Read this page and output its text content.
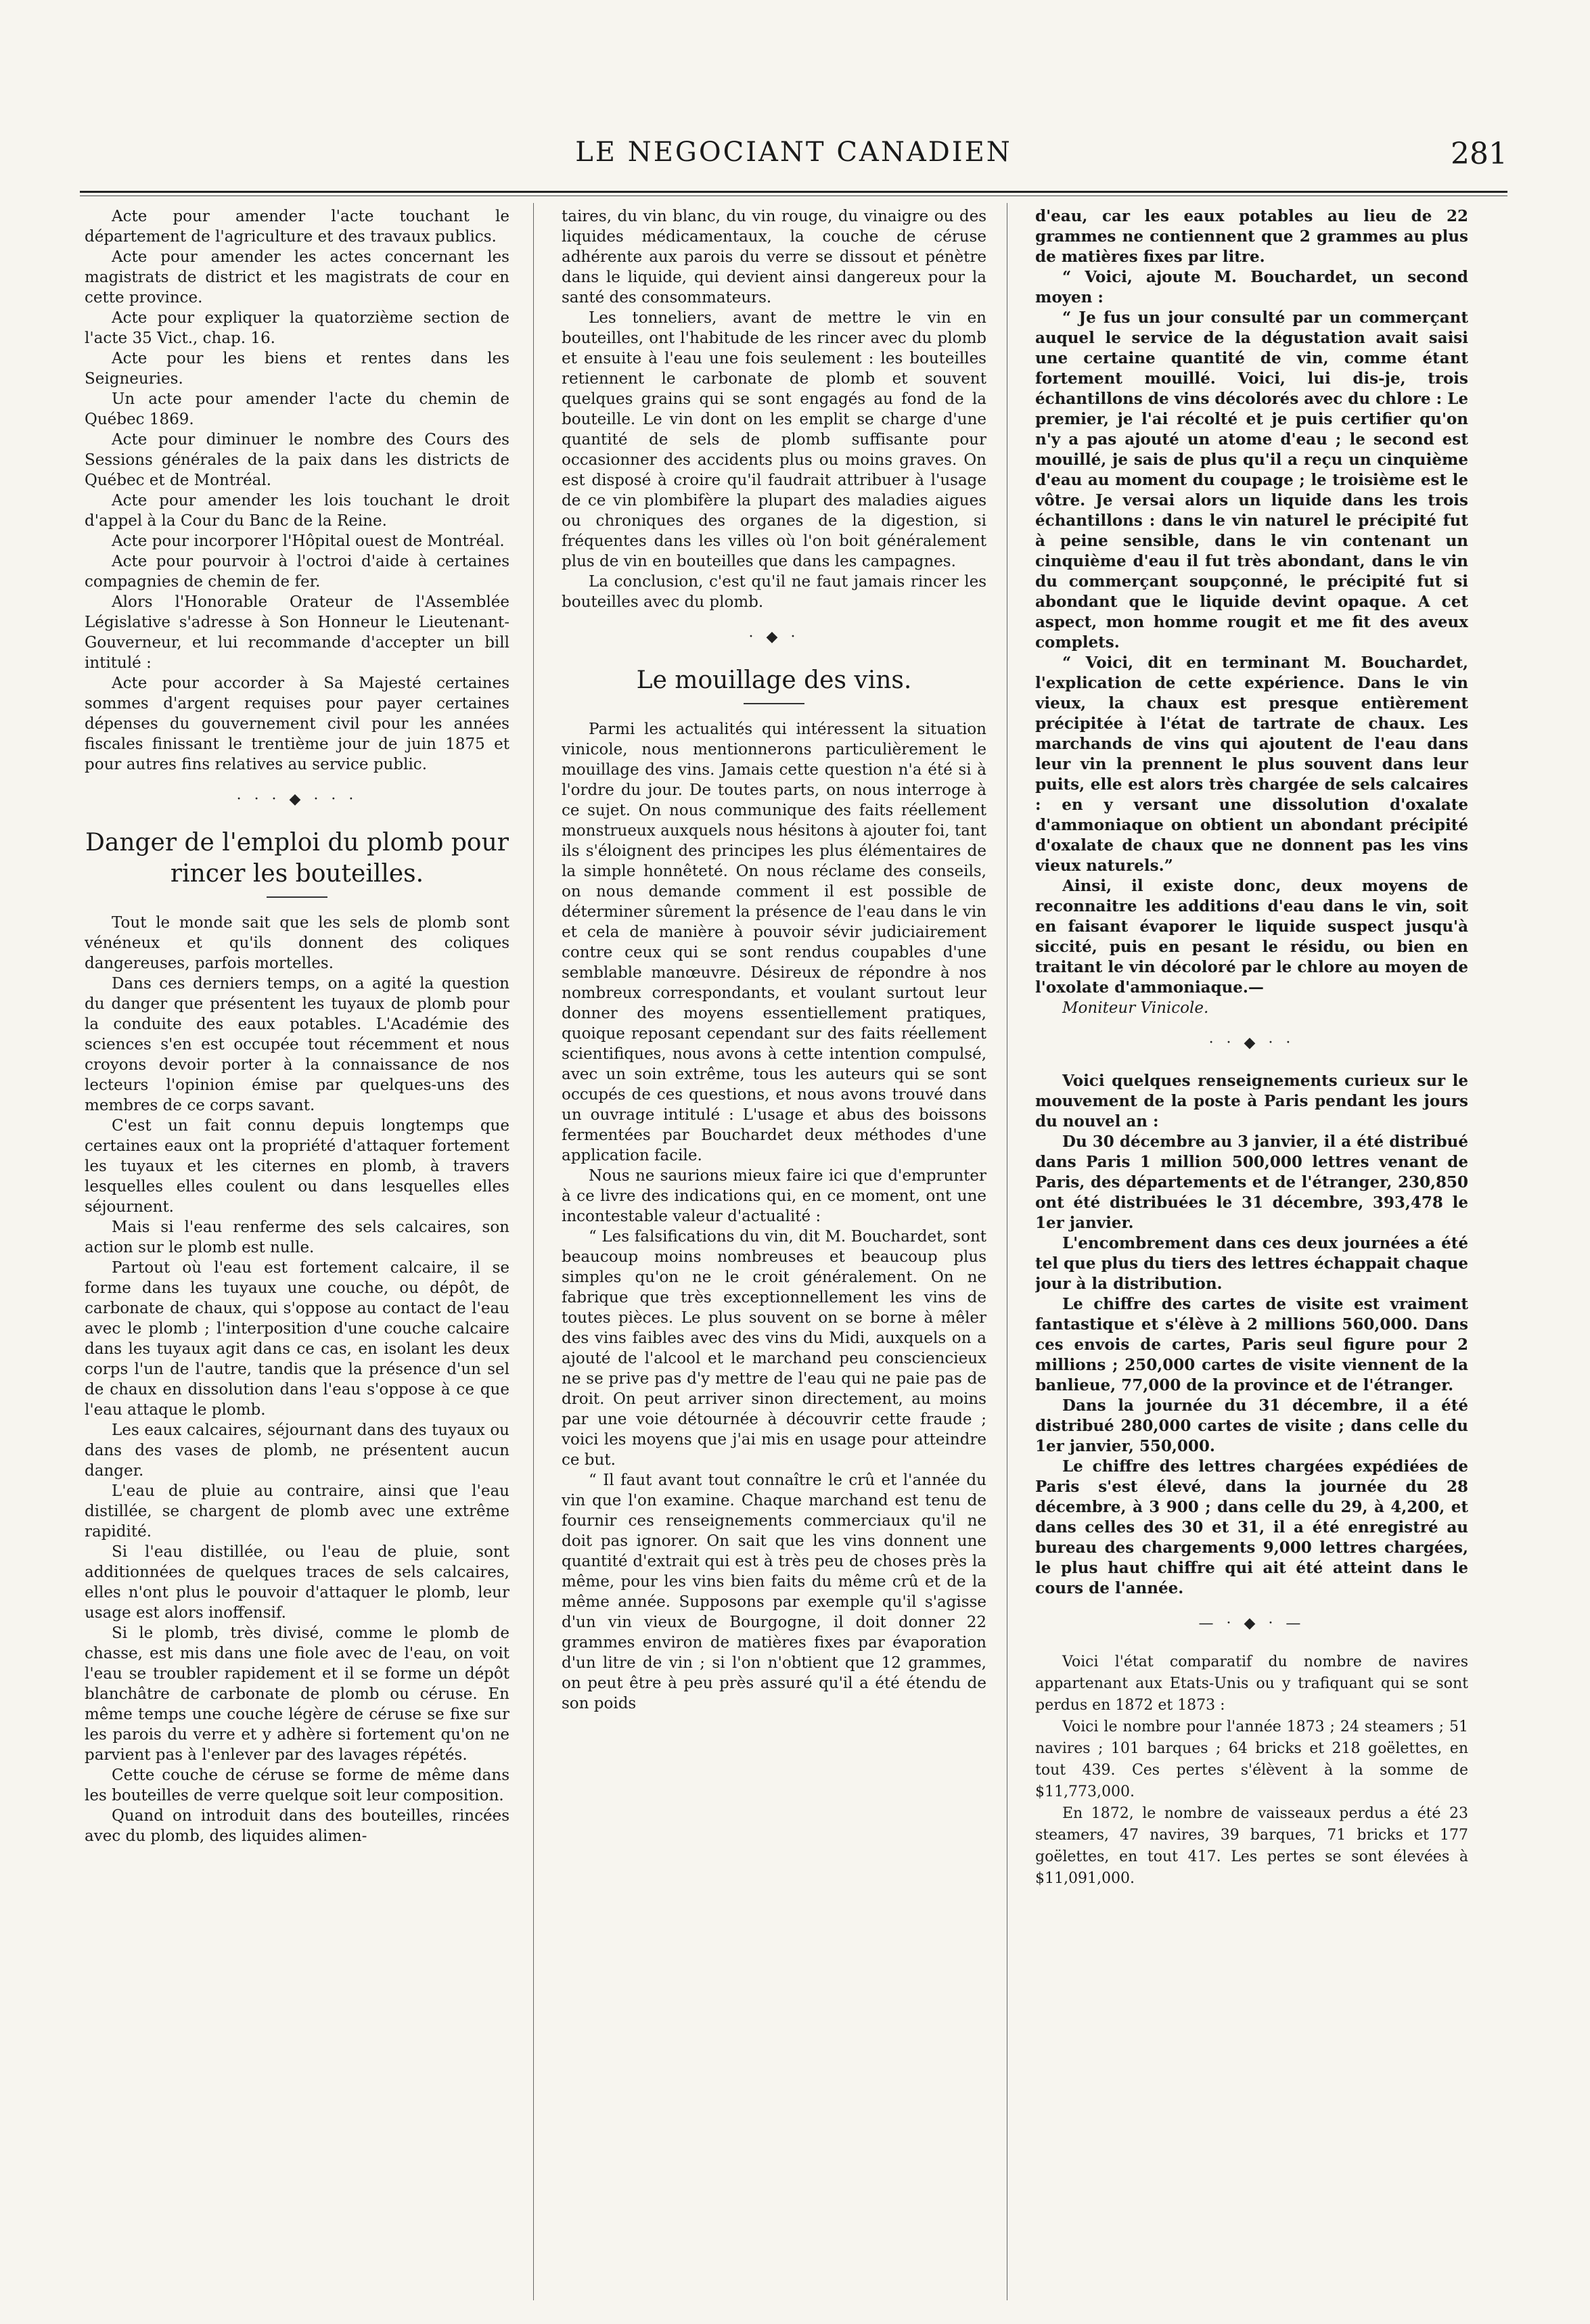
LE NEGOCIANT CANADIEN	281

Acte pour amender l'acte touchant le département de l'agriculture et des travaux publics.

Acte pour amender les actes concernant les magistrats de district et les magistrats de cour en cette province.

Acte pour expliquer la quatorzième section de l'acte 35 Vict., chap. 16.

Acte pour les biens et rentes dans les Seigneuries.

Un acte pour amender l'acte du chemin de Québec 1869.

Acte pour diminuer le nombre des Cours des Sessions générales de la paix dans les districts de Québec et de Montréal.

Acte pour amender les lois touchant le droit d'appel à la Cour du Banc de la Reine.

Acte pour incorporer l'Hôpital ouest de Montréal.

Acte pour pourvoir à l'octroi d'aide à certaines compagnies de chemin de fer.

Alors l'Honorable Orateur de l'Assemblée Législative s'adresse à Son Honneur le Lieutenant-Gouverneur, et lui recommande d'accepter un bill intitulé :

Acte pour accorder à Sa Majesté certaines sommes d'argent requises pour payer certaines dépenses du gouvernement civil pour les années fiscales finissant le trentième jour de juin 1875 et pour autres fins relatives au service public.

· · · ◆ · · ·

Danger de l'emploi du plomb pour rincer les bouteilles.

Tout le monde sait que les sels de plomb sont vénéneux et qu'ils donnent des coliques dangereuses, parfois mortelles.

Dans ces derniers temps, on a agité la question du danger que présentent les tuyaux de plomb pour la conduite des eaux potables. L'Académie des sciences s'en est occupée tout récemment et nous croyons devoir porter à la connaissance de nos lecteurs l'opinion émise par quelques-uns des membres de ce corps savant.

C'est un fait connu depuis longtemps que certaines eaux ont la propriété d'attaquer fortement les tuyaux et les citernes en plomb, à travers lesquelles elles coulent ou dans lesquelles elles séjournent.

Mais si l'eau renferme des sels calcaires, son action sur le plomb est nulle.

Partout où l'eau est fortement calcaire, il se forme dans les tuyaux une couche, ou dépôt, de carbonate de chaux, qui s'oppose au contact de l'eau avec le plomb ; l'interposition d'une couche calcaire dans les tuyaux agit dans ce cas, en isolant les deux corps l'un de l'autre, tandis que la présence d'un sel de chaux en dissolution dans l'eau s'oppose à ce que l'eau attaque le plomb.

Les eaux calcaires, séjournant dans des tuyaux ou dans des vases de plomb, ne présentent aucun danger.

L'eau de pluie au contraire, ainsi que l'eau distillée, se chargent de plomb avec une extrême rapidité.

Si l'eau distillée, ou l'eau de pluie, sont additionnées de quelques traces de sels calcaires, elles n'ont plus le pouvoir d'attaquer le plomb, leur usage est alors inoffensif.

Si le plomb, très divisé, comme le plomb de chasse, est mis dans une fiole avec de l'eau, on voit l'eau se troubler rapidement et il se forme un dépôt blanchâtre de carbonate de plomb ou céruse. En même temps une couche légère de céruse se fixe sur les parois du verre et y adhère si fortement qu'on ne parvient pas à l'enlever par des lavages répétés.

Cette couche de céruse se forme de même dans les bouteilles de verre quelque soit leur composition.

Quand on introduit dans des bouteilles, rincées avec du plomb, des liquides alimen-

taires, du vin blanc, du vin rouge, du vinaigre ou des liquides médicamentaux, la couche de céruse adhérente aux parois du verre se dissout et pénètre dans le liquide, qui devient ainsi dangereux pour la santé des consommateurs.

Les tonneliers, avant de mettre le vin en bouteilles, ont l'habitude de les rincer avec du plomb et ensuite à l'eau une fois seulement : les bouteilles retiennent le carbonate de plomb et souvent quelques grains qui se sont engagés au fond de la bouteille. Le vin dont on les emplit se charge d'une quantité de sels de plomb suffisante pour occasionner des accidents plus ou moins graves. On est disposé à croire qu'il faudrait attribuer à l'usage de ce vin plombifère la plupart des maladies aigues ou chroniques des organes de la digestion, si fréquentes dans les villes où l'on boit généralement plus de vin en bouteilles que dans les campagnes.

La conclusion, c'est qu'il ne faut jamais rincer les bouteilles avec du plomb.

· ◆ ·

Le mouillage des vins.

Parmi les actualités qui intéressent la situation vinicole, nous mentionnerons particulièrement le mouillage des vins. Jamais cette question n'a été si à l'ordre du jour. De toutes parts, on nous interroge à ce sujet. On nous communique des faits réellement monstrueux auxquels nous hésitons à ajouter foi, tant ils s'éloignent des principes les plus élémentaires de la simple honnêteté. On nous réclame des conseils, on nous demande comment il est possible de déterminer sûrement la présence de l'eau dans le vin et cela de manière à pouvoir sévir judiciairement contre ceux qui se sont rendus coupables d'une semblable manœuvre. Désireux de répondre à nos nombreux correspondants, et voulant surtout leur donner des moyens essentiellement pratiques, quoique reposant cependant sur des faits réellement scientifiques, nous avons à cette intention compulsé, avec un soin extrême, tous les auteurs qui se sont occupés de ces questions, et nous avons trouvé dans un ouvrage intitulé : L'usage et abus des boissons fermentées par Bouchardet deux méthodes d'une application facile.

Nous ne saurions mieux faire ici que d'emprunter à ce livre des indications qui, en ce moment, ont une incontestable valeur d'actualité :

“ Les falsifications du vin, dit M. Bouchardet, sont beaucoup moins nombreuses et beaucoup plus simples qu'on ne le croit généralement. On ne fabrique que très exceptionnellement les vins de toutes pièces. Le plus souvent on se borne à mêler des vins faibles avec des vins du Midi, auxquels on a ajouté de l'alcool et le marchand peu consciencieux ne se prive pas d'y mettre de l'eau qui ne paie pas de droit. On peut arriver sinon directement, au moins par une voie détournée à découvrir cette fraude ; voici les moyens que j'ai mis en usage pour atteindre ce but.

“ Il faut avant tout connaître le crû et l'année du vin que l'on examine. Chaque marchand est tenu de fournir ces renseignements commerciaux qu'il ne doit pas ignorer. On sait que les vins donnent une quantité d'extrait qui est à très peu de choses près la même, pour les vins bien faits du même crû et de la même année. Supposons par exemple qu'il s'agisse d'un vin vieux de Bourgogne, il doit donner 22 grammes environ de matières fixes par évaporation d'un litre de vin ; si l'on n'obtient que 12 grammes, on peut être à peu près assuré qu'il a été étendu de son poids

d'eau, car les eaux potables au lieu de 22 grammes ne contiennent que 2 grammes au plus de matières fixes par litre.

“ Voici, ajoute M. Bouchardet, un second moyen :

“ Je fus un jour consulté par un commerçant auquel le service de la dégustation avait saisi une certaine quantité de vin, comme étant fortement mouillé. Voici, lui dis-je, trois échantillons de vins décolorés avec du chlore : Le premier, je l'ai récolté et je puis certifier qu'on n'y a pas ajouté un atome d'eau ; le second est mouillé, je sais de plus qu'il a reçu un cinquième d'eau au moment du coupage ; le troisième est le vôtre. Je versai alors un liquide dans les trois échantillons : dans le vin naturel le précipité fut à peine sensible, dans le vin contenant un cinquième d'eau il fut très abondant, dans le vin du commerçant soupçonné, le précipité fut si abondant que le liquide devint opaque. A cet aspect, mon homme rougit et me fit des aveux complets.

“ Voici, dit en terminant M. Bouchardet, l'explication de cette expérience. Dans le vin vieux, la chaux est presque entièrement précipitée à l'état de tartrate de chaux. Les marchands de vins qui ajoutent de l'eau dans leur vin la prennent le plus souvent dans leur puits, elle est alors très chargée de sels calcaires : en y versant une dissolution d'oxalate d'ammoniaque on obtient un abondant précipité d'oxalate de chaux que ne donnent pas les vins vieux naturels.”

Ainsi, il existe donc, deux moyens de reconnaitre les additions d'eau dans le vin, soit en faisant évaporer le liquide suspect jusqu'à siccité, puis en pesant le résidu, ou bien en traitant le vin décoloré par le chlore au moyen de l'oxolate d'ammoniaque.—

Moniteur Vinicole.

· · ◆ · ·

Voici quelques renseignements curieux sur le mouvement de la poste à Paris pendant les jours du nouvel an :

Du 30 décembre au 3 janvier, il a été distribué dans Paris 1 million 500,000 lettres venant de Paris, des départements et de l'étranger, 230,850 ont été distribuées le 31 décembre, 393,478 le 1er janvier.

L'encombrement dans ces deux journées a été tel que plus du tiers des lettres échappait chaque jour à la distribution.

Le chiffre des cartes de visite est vraiment fantastique et s'élève à 2 millions 560,000. Dans ces envois de cartes, Paris seul figure pour 2 millions ; 250,000 cartes de visite viennent de la banlieue, 77,000 de la province et de l'étranger.

Dans la journée du 31 décembre, il a été distribué 280,000 cartes de visite ; dans celle du 1er janvier, 550,000.

Le chiffre des lettres chargées expédiées de Paris s'est élevé, dans la journée du 28 décembre, à 3 900 ; dans celle du 29, à 4,200, et dans celles des 30 et 31, il a été enregistré au bureau des chargements 9,000 lettres chargées, le plus haut chiffre qui ait été atteint dans le cours de l'année.

— · ◆ · —

Voici l'état comparatif du nombre de navires appartenant aux Etats-Unis ou y trafiquant qui se sont perdus en 1872 et 1873 :

Voici le nombre pour l'année 1873 ; 24 steamers ; 51 navires ; 101 barques ; 64 bricks et 218 goëlettes, en tout 439. Ces pertes s'élèvent à la somme de $11,773,000.

En 1872, le nombre de vaisseaux perdus a été 23 steamers, 47 navires, 39 barques, 71 bricks et 177 goëlettes, en tout 417. Les pertes se sont élevées à $11,091,000.
